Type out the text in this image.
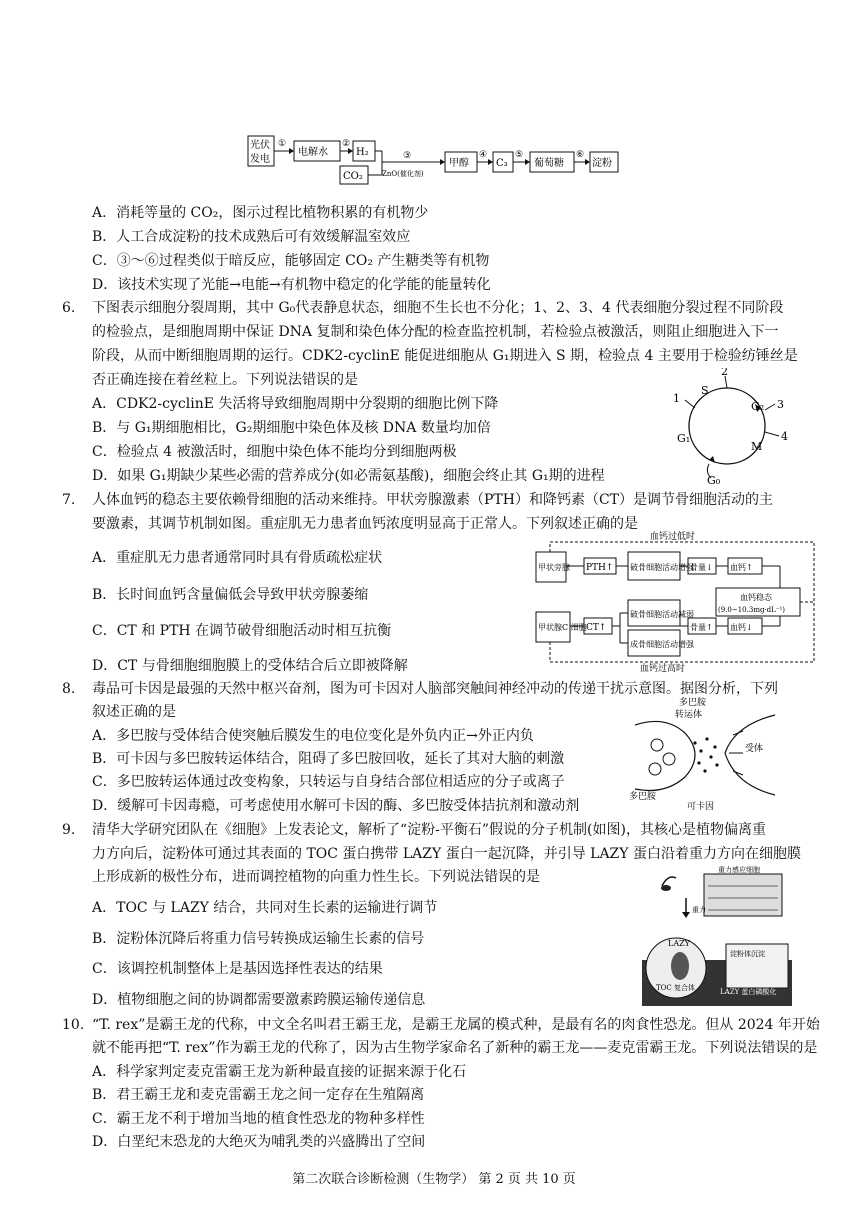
光伏
发电
电解水	H₂
CO₂
甲醇	C₃	葡萄糖	淀粉
①	②
③
ZnO(催化剂)
④	⑤	⑥
A．消耗等量的 CO₂，图示过程比植物积累的有机物少
B．人工合成淀粉的技术成熟后可有效缓解温室效应
C．③～⑥过程类似于暗反应，能够固定 CO₂ 产生糖类等有机物
D．该技术实现了光能→电能→有机物中稳定的化学能的能量转化
6. 下图表示细胞分裂周期，其中 G₀代表静息状态，细胞不生长也不分化；1、2、3、4 代表细胞分裂过程不同阶段
的检验点，是细胞周期中保证 DNA 复制和染色体分配的检查监控机制，若检验点被激活，则阻止细胞进入下一
阶段，从而中断细胞周期的运行。CDK2-cyclinE 能促进细胞从 G₁期进入 S 期，检验点 4 主要用于检验纺锤丝是
否正确连接在着丝粒上。下列说法错误的是
A．CDK2-cyclinE 失活将导致细胞周期中分裂期的细胞比例下降
B．与 G₁期细胞相比，G₂期细胞中染色体及核 DNA 数量均加倍
C．检验点 4 被激活时，细胞中染色体不能均分到细胞两极
D．如果 G₁期缺少某些必需的营养成分(如必需氨基酸)，细胞会终止其 G₁期的进程
S
G₂
M
G₁
G₀
1
2
3
4
7. 人体血钙的稳态主要依赖骨细胞的活动来维持。甲状旁腺激素（PTH）和降钙素（CT）是调节骨细胞活动的主
要激素，其调节机制如图。重症肌无力患者血钙浓度明显高于正常人。下列叙述正确的是
A．重症肌无力患者通常同时具有骨质疏松症状
B．长时间血钙含量偏低会导致甲状旁腺萎缩
C．CT 和 PTH 在调节破骨细胞活动时相互抗衡
D．CT 与骨细胞细胞膜上的受体结合后立即被降解
血钙过低时
血钙过高时
甲状旁腺
甲状腺C 细胞
PTH↑
CT↑
破骨细胞活动增强
破骨细胞活动减弱
成骨细胞活动增强
骨量↓
骨量↑
血钙↑
血钙↓
血钙稳态
(9.0~10.3mg·dL⁻¹)
8. 毒品可卡因是最强的天然中枢兴奋剂，图为可卡因对人脑部突触间神经冲动的传递干扰示意图。据图分析，下列
叙述正确的是
A．多巴胺与受体结合使突触后膜发生的电位变化是外负内正→外正内负
B．可卡因与多巴胺转运体结合，阻碍了多巴胺回收，延长了其对大脑的刺激
C．多巴胺转运体通过改变构象，只转运与自身结合部位相适应的分子或离子
D．缓解可卡因毒瘾，可考虑使用水解可卡因的酶、多巴胺受体拮抗剂和激动剂
多巴胺
转运体
受体
多巴胺
可卡因
9. 清华大学研究团队在《细胞》上发表论文，解析了“淀粉-平衡石”假说的分子机制(如图)，其核心是植物偏离重
力方向后，淀粉体可通过其表面的 TOC 蛋白携带 LAZY 蛋白一起沉降，并引导 LAZY 蛋白沿着重力方向在细胞膜
上形成新的极性分布，进而调控植物的向重力性生长。下列说法错误的是
A．TOC 与 LAZY 结合，共同对生长素的运输进行调节
B．淀粉体沉降后将重力信号转换成运输生长素的信号
C．该调控机制整体上是基因选择性表达的结果
D．植物细胞之间的协调都需要激素跨膜运输传递信息
重力感应细胞
重力
LAZY
TOC 复合体
淀粉体沉淀
LAZY 蛋白磷酸化
10. “T. rex”是霸王龙的代称，中文全名叫君王霸王龙，是霸王龙属的模式种，是最有名的肉食性恐龙。但从 2024 年开始
就不能再把“T. rex”作为霸王龙的代称了，因为古生物学家命名了新种的霸王龙——麦克雷霸王龙。下列说法错误的是
A．科学家判定麦克雷霸王龙为新种最直接的证据来源于化石
B．君王霸王龙和麦克雷霸王龙之间一定存在生殖隔离
C．霸王龙不利于增加当地的植食性恐龙的物种多样性
D．白垩纪末恐龙的大绝灭为哺乳类的兴盛腾出了空间
第二次联合诊断检测（生物学） 第 2 页 共 10 页
